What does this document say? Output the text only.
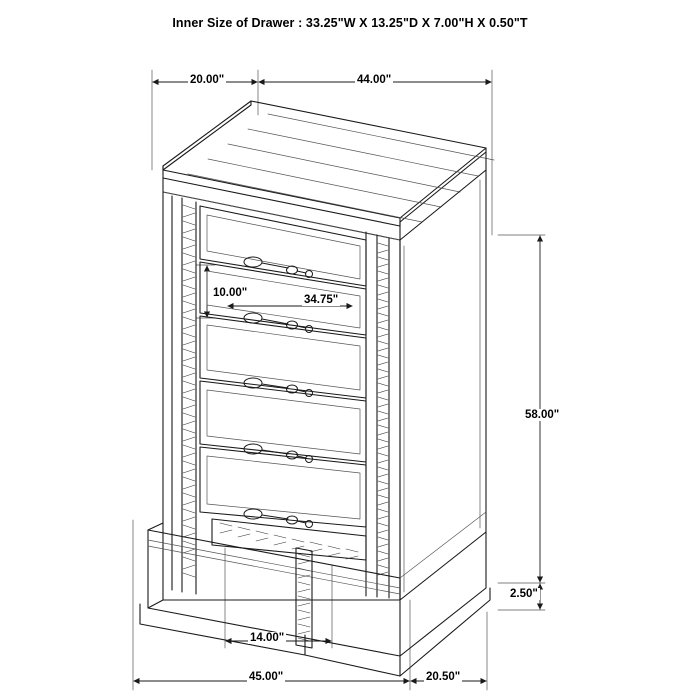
Inner Size of Drawer : 33.25"W X 13.25"D X 7.00"H X 0.50"T
20.00"	44.00"
10.00"
34.75"
58.00"
2.50"
14.00"
45.00"	20.50"
